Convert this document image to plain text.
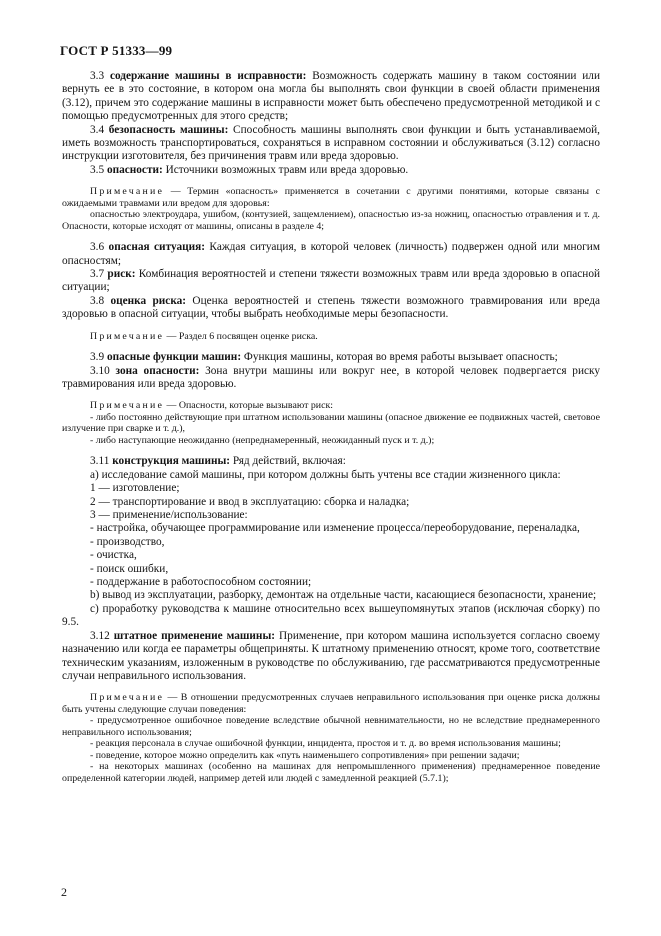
ГОСТ Р 51333—99

3.3 содержание машины в исправности: Возможность содержать машину в таком состоянии или вернуть ее в это состояние, в котором она могла бы выполнять свои функции в своей области применения (3.12), причем это содержание машины в исправности может быть обеспечено предусмотренной методикой и с помощью предусмотренных для этого средств;

3.4 безопасность машины: Способность машины выполнять свои функции и быть устанавливаемой, иметь возможность транспортироваться, сохраняться в исправном состоянии и обслуживаться (3.12) согласно инструкции изготовителя, без причинения травм или вреда здоровью.

3.5 опасности: Источники возможных травм или вреда здоровью.

Примечание — Термин «опасность» применяется в сочетании с другими понятиями, которые связаны с ожидаемыми травмами или вредом для здоровья:

опасностью электроудара, ушибом, (контузией, защемлением), опасностью из-за ножниц, опасностью отравления и т. д. Опасности, которые исходят от машины, описаны в разделе 4;

3.6 опасная ситуация: Каждая ситуация, в которой человек (личность) подвержен одной или многим опасностям;

3.7 риск: Комбинация вероятностей и степени тяжести возможных травм или вреда здоровью в опасной ситуации;

3.8 оценка риска: Оценка вероятностей и степень тяжести возможного травмирования или вреда здоровью в опасной ситуации, чтобы выбрать необходимые меры безопасности.

Примечание — Раздел 6 посвящен оценке риска.

3.9 опасные функции машин: Функция машины, которая во время работы вызывает опасность;

3.10 зона опасности: Зона внутри машины или вокруг нее, в которой человек подвергается риску травмирования или вреда здоровью.

Примечание — Опасности, которые вызывают риск:

- либо постоянно действующие при штатном использовании машины (опасное движение ее подвижных частей, световое излучение при сварке и т. д.),

- либо наступающие неожиданно (непреднамеренный, неожиданный пуск и т. д.);

3.11 конструкция машины: Ряд действий, включая:

а) исследование самой машины, при котором должны быть учтены все стадии жизненного цикла:

1 — изготовление;

2 — транспортирование и ввод в эксплуатацию: сборка и наладка;

3 — применение/использование:

- настройка, обучающее программирование или изменение процесса/переоборудование, переналадка,

- производство,

- очистка,

- поиск ошибки,

- поддержание в работоспособном состоянии;

b) вывод из эксплуатации, разборку, демонтаж на отдельные части, касающиеся безопасности, хранение;

c) проработку руководства к машине относительно всех вышеупомянутых этапов (исключая сборку) по 9.5.

3.12 штатное применение машины: Применение, при котором машина используется согласно своему назначению или когда ее параметры общеприняты. К штатному применению относят, кроме того, соответствие техническим указаниям, изложенным в руководстве по обслуживанию, где рассматриваются предусмотренные случаи неправильного использования.

Примечание — В отношении предусмотренных случаев неправильного использования при оценке риска должны быть учтены следующие случаи поведения:

- предусмотренное ошибочное поведение вследствие обычной невнимательности, но не вследствие преднамеренного неправильного использования;

- реакция персонала в случае ошибочной функции, инцидента, простоя и т. д. во время использования машины;

- поведение, которое можно определить как «путь наименьшего сопротивления» при решении задачи;

- на некоторых машинах (особенно на машинах для непромышленного применения) преднамеренное поведение определенной категории людей, например детей или людей с замедленной реакцией (5.7.1);

2
